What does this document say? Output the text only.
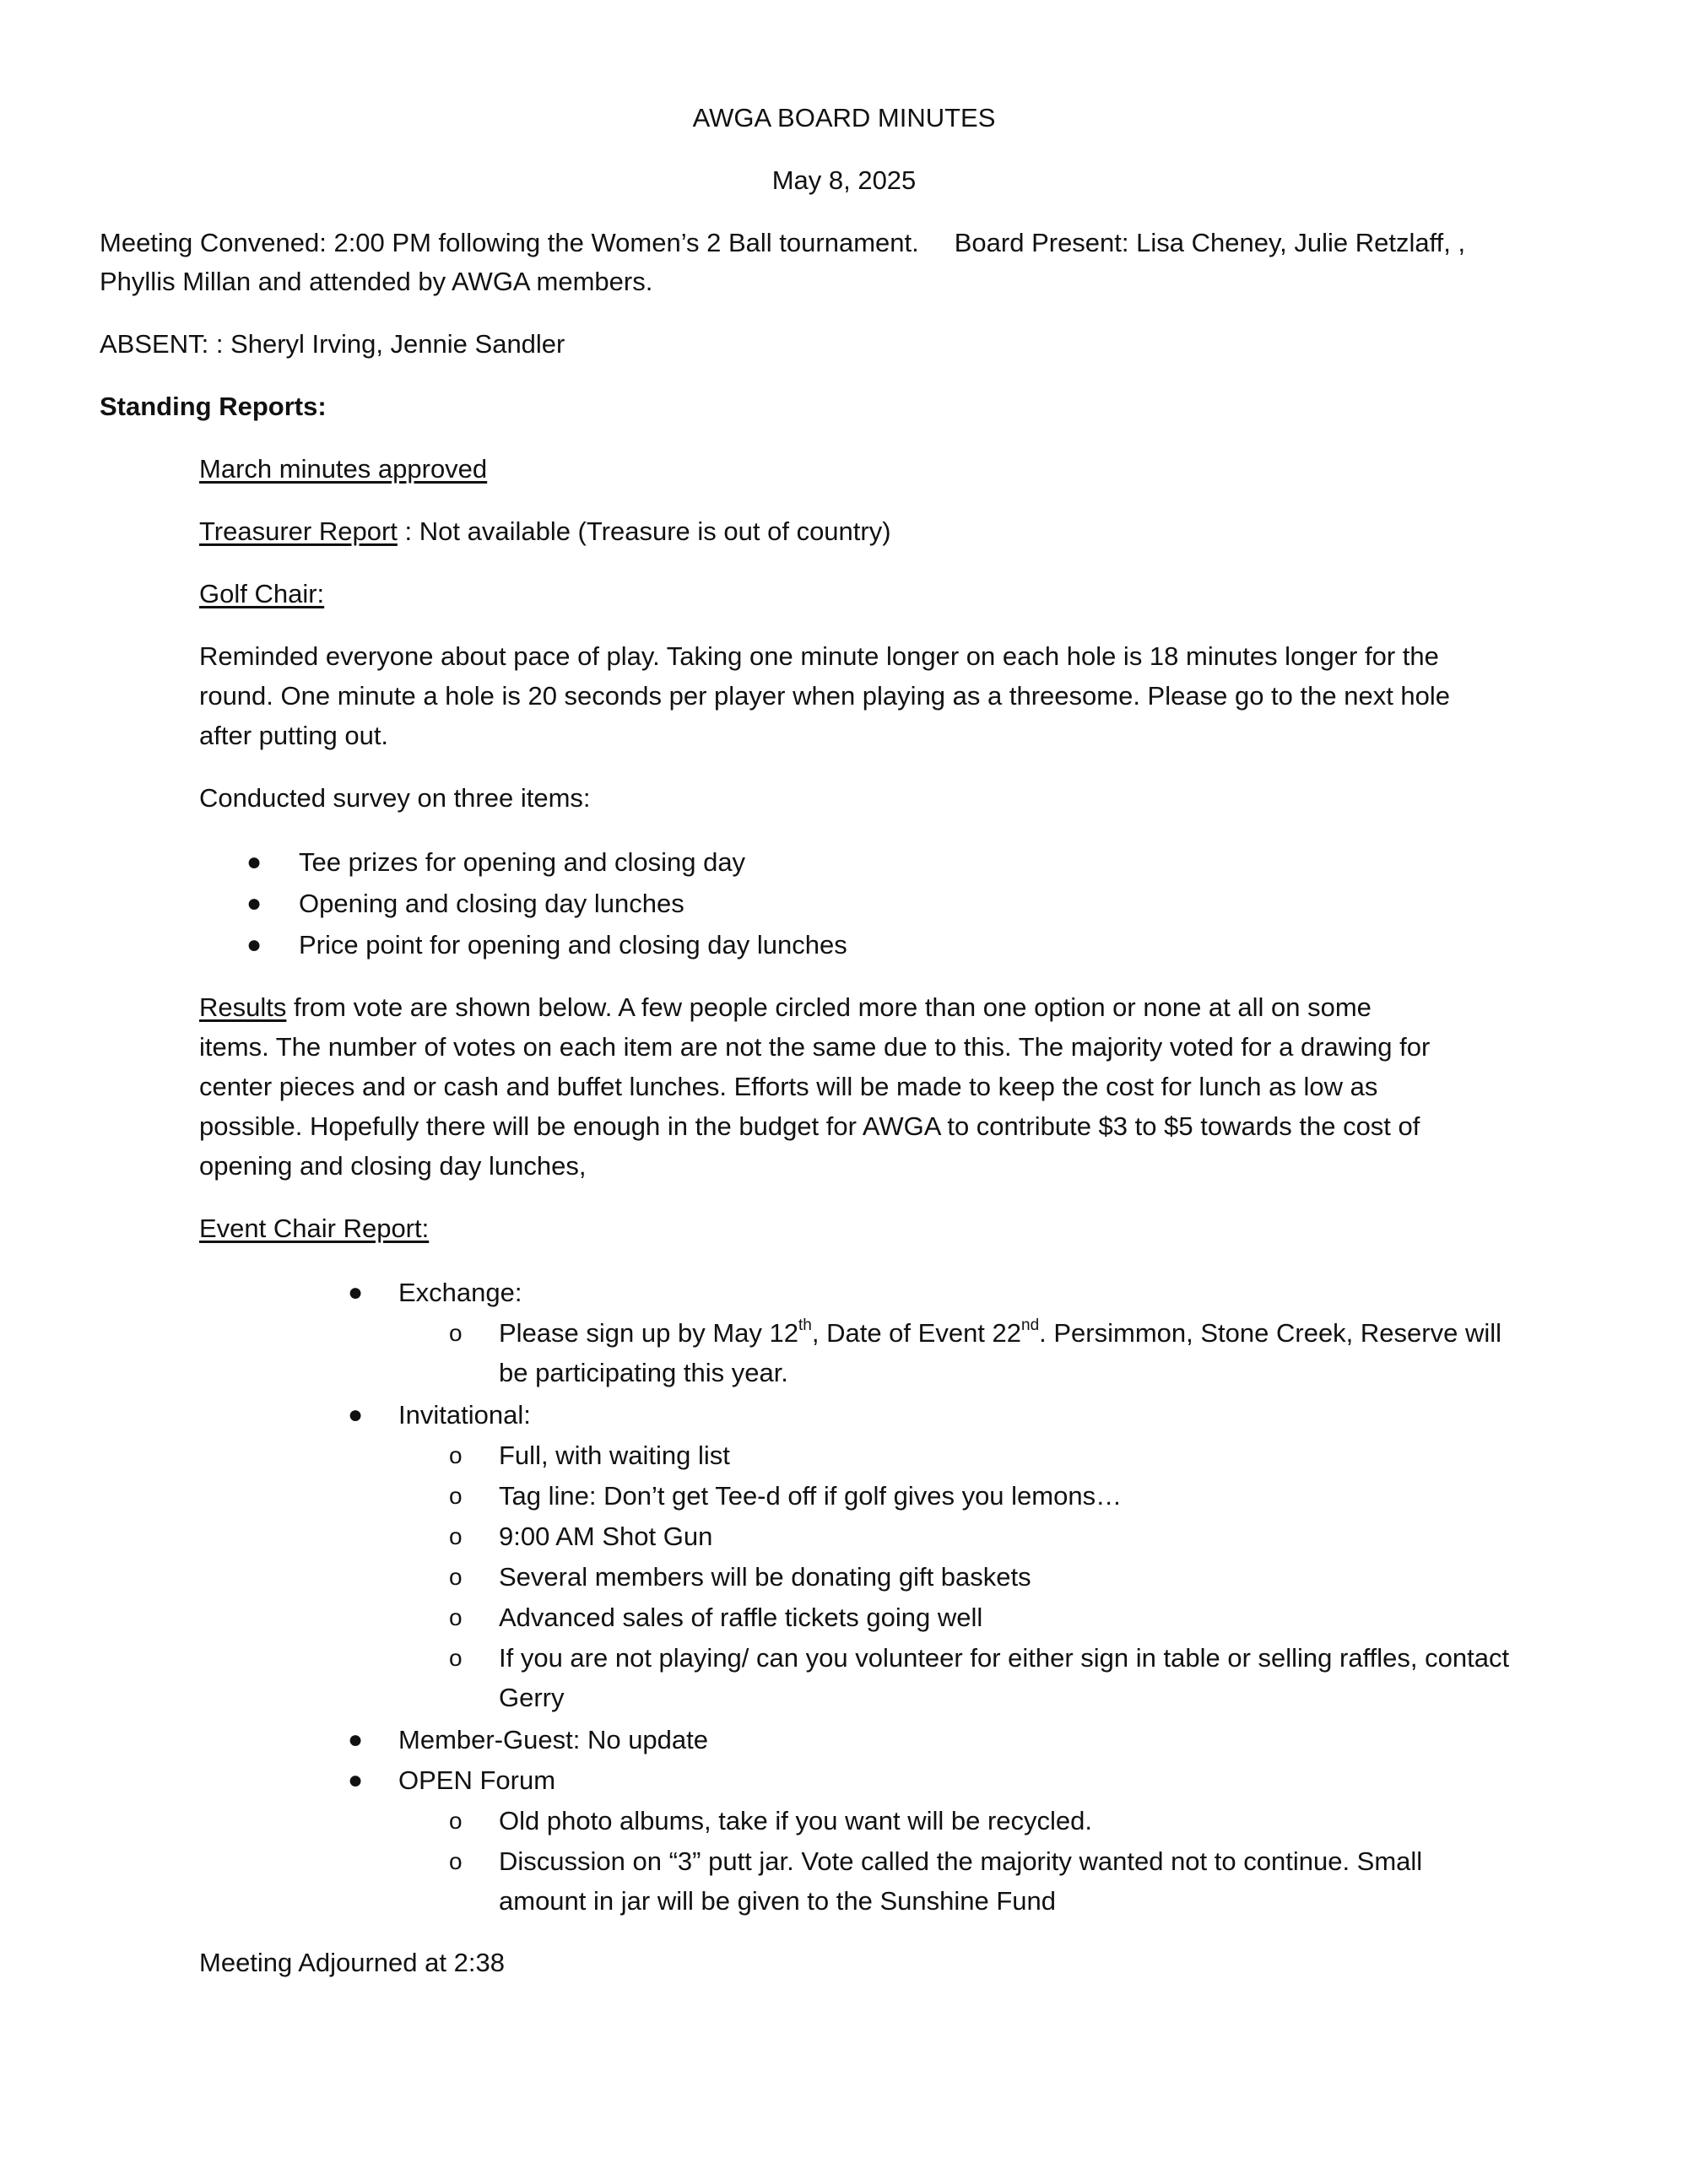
AWGA BOARD MINUTES
May 8, 2025
Meeting Convened: 2:00 PM following the Women’s 2 Ball tournament. Board Present: Lisa Cheney, Julie Retzlaff, ,
Phyllis Millan and attended by AWGA members.
ABSENT: : Sheryl Irving, Jennie Sandler
Standing Reports:
March minutes approved
Treasurer Report : Not available (Treasure is out of country)
Golf Chair:
Reminded everyone about pace of play. Taking one minute longer on each hole is 18 minutes longer for the
round. One minute a hole is 20 seconds per player when playing as a threesome. Please go to the next hole
after putting out.
Conducted survey on three items:
● Tee prizes for opening and closing day
● Opening and closing day lunches
● Price point for opening and closing day lunches
Results from vote are shown below. A few people circled more than one option or none at all on some
items. The number of votes on each item are not the same due to this. The majority voted for a drawing for
center pieces and or cash and buffet lunches. Efforts will be made to keep the cost for lunch as low as
possible. Hopefully there will be enough in the budget for AWGA to contribute $3 to $5 towards the cost of
opening and closing day lunches,
Event Chair Report:
● Exchange:
o Please sign up by May 12th, Date of Event 22nd. Persimmon, Stone Creek, Reserve will
be participating this year.
● Invitational:
o Full, with waiting list
o Tag line: Don’t get Tee-d off if golf gives you lemons…
o 9:00 AM Shot Gun
o Several members will be donating gift baskets
o Advanced sales of raffle tickets going well
o If you are not playing/ can you volunteer for either sign in table or selling raffles, contact
Gerry
● Member-Guest: No update
● OPEN Forum
o Old photo albums, take if you want will be recycled.
o Discussion on “3” putt jar. Vote called the majority wanted not to continue. Small
amount in jar will be given to the Sunshine Fund
Meeting Adjourned at 2:38
